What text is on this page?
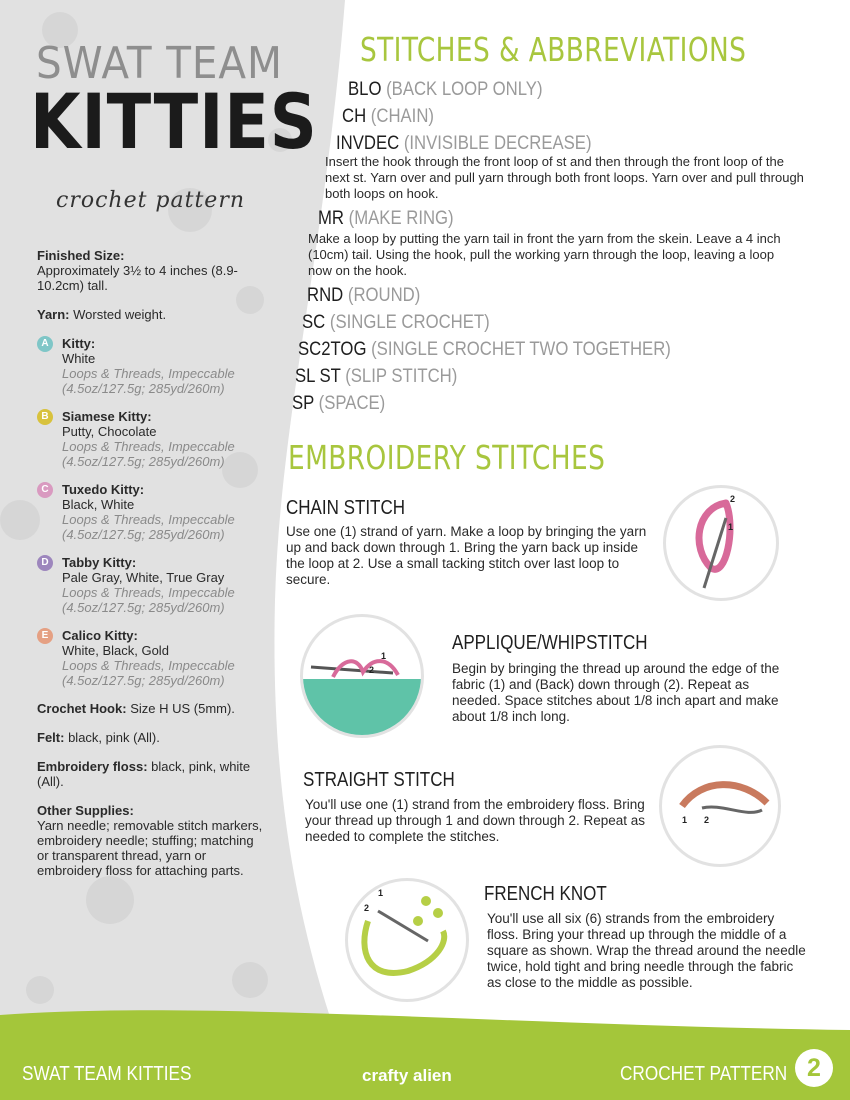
SWAT TEAM
KITTIES
crochet pattern
Finished Size:
Approximately 3½ to 4 inches (8.9-10.2cm) tall.
Yarn: Worsted weight.
A	Kitty:
White
Loops & Threads, Impeccable (4.5oz/127.5g; 285yd/260m)
B	Siamese Kitty:
Putty, Chocolate
Loops & Threads, Impeccable (4.5oz/127.5g; 285yd/260m)
C	Tuxedo Kitty:
Black, White
Loops & Threads, Impeccable (4.5oz/127.5g; 285yd/260m)
D	Tabby Kitty:
Pale Gray, White, True Gray
Loops & Threads, Impeccable (4.5oz/127.5g; 285yd/260m)
E	Calico Kitty:
White, Black, Gold
Loops & Threads, Impeccable (4.5oz/127.5g; 285yd/260m)
Crochet Hook: Size H US (5mm).
Felt: black, pink (All).
Embroidery floss: black, pink, white (All).
Other Supplies:
Yarn needle; removable stitch markers, embroidery needle; stuffing; matching or transparent thread, yarn or embroidery floss for attaching parts.
STITCHES & ABBREVIATIONS
BLO (BACK LOOP ONLY)
CH (CHAIN)
INVDEC (INVISIBLE DECREASE)
Insert the hook through the front loop of st and then through the front loop of the next st. Yarn over and pull yarn through both front loops. Yarn over and pull through both loops on hook.
MR (MAKE RING)
Make a loop by putting the yarn tail in front the yarn from the skein. Leave a 4 inch (10cm) tail. Using the hook, pull the working yarn through the loop, leaving a loop now on the hook.
RND (ROUND)
SC (SINGLE CROCHET)
SC2TOG (SINGLE CROCHET TWO TOGETHER)
SL ST (SLIP STITCH)
SP (SPACE)
EMBROIDERY STITCHES
CHAIN STITCH
Use one (1) strand of yarn. Make a loop by bringing the yarn up and back down through 1. Bring the yarn back up inside the loop at 2. Use a small tacking stitch over last loop to secure.
2
1
1
2
APPLIQUE/WHIPSTITCH
Begin by bringing the thread up around the edge of the fabric (1) and (Back) down through (2). Repeat as needed. Space stitches about 1/8 inch apart and make about 1/8 inch long.
STRAIGHT STITCH
You'll use one (1) strand from the embroidery floss. Bring your thread up through 1 and down through 2. Repeat as needed to complete the stitches.
1 2
1
2
FRENCH KNOT
You'll use all six (6) strands from the embroidery floss. Bring your thread up through the middle of a square as shown. Wrap the thread around the needle twice, hold tight and bring needle through the fabric as close to the middle as possible.
SWAT TEAM KITTIES	crafty alien	CROCHET PATTERN 2
